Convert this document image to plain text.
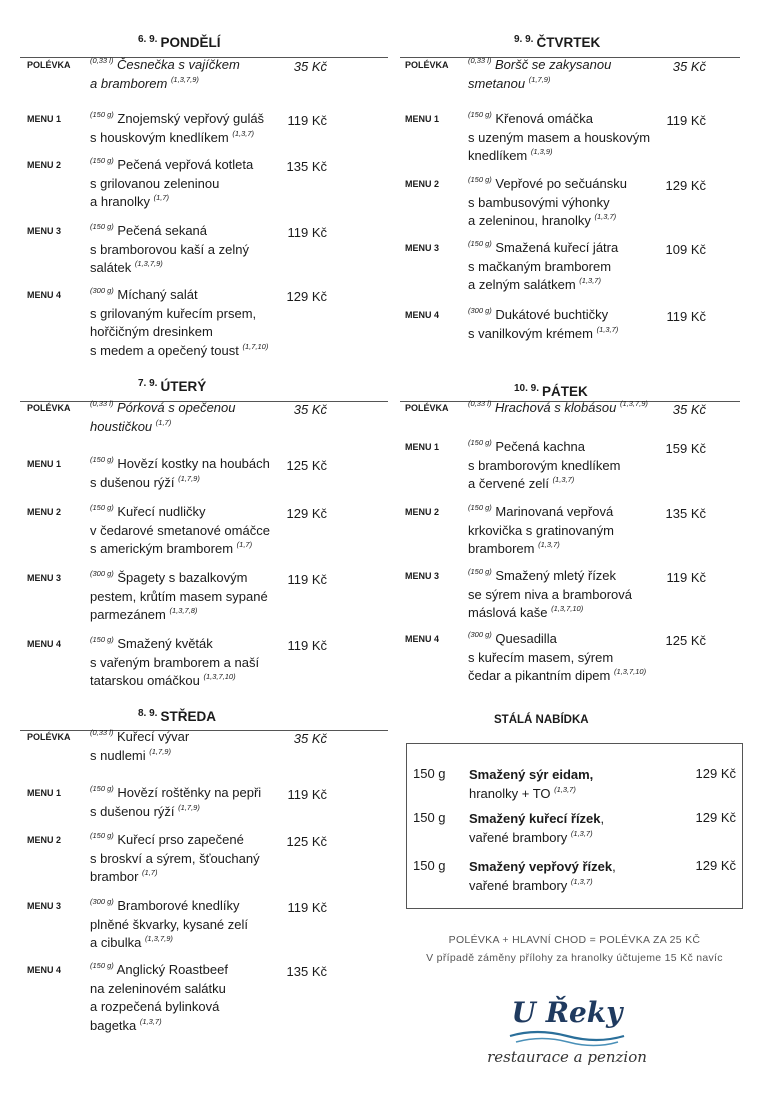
$^{6. 9.}$ PONDĚLÍ
POLÉVKA	$^{(0,33 l)}$ Česnečka s vajíčkem
a bramborem $^{(1,3,7,9)}$
35 Kč
MENU 1	$^{(150 g)}$ Znojemský vepřový guláš
s houskovým knedlíkem $^{(1,3,7)}$
119 Kč
MENU 2	$^{(150 g)}$ Pečená vepřová kotleta
s grilovanou zeleninou
a hranolky $^{(1,7)}$
135 Kč
MENU 3	$^{(150 g)}$ Pečená sekaná
s bramborovou kaší a zelný
salátek $^{(1,3,7,9)}$
119 Kč
MENU 4	$^{(300 g)}$ Míchaný salát
s grilovaným kuřecím prsem,
hořčičným dresinkem
s medem a opečený toust $^{(1,7,10)}$
129 Kč
$^{7. 9.}$ ÚTERÝ
POLÉVKA	$^{(0,33 l)}$ Pórková s opečenou
houstičkou $^{(1,7)}$
35 Kč
MENU 1	$^{(150 g)}$ Hovězí kostky na houbách
s dušenou rýží $^{(1,7,9)}$
125 Kč
MENU 2	$^{(150 g)}$ Kuřecí nudličky
v čedarové smetanové omáčce
s americkým bramborem $^{(1,7)}$
129 Kč
MENU 3	$^{(300 g)}$ Špagety s bazalkovým
pestem, krůtím masem sypané
parmezánem $^{(1,3,7,8)}$
119 Kč
MENU 4	$^{(150 g)}$ Smažený květák
s vařeným bramborem a naší
tatarskou omáčkou $^{(1,3,7,10)}$
119 Kč
$^{8. 9.}$ STŘEDA
POLÉVKA	$^{(0,33 l)}$ Kuřecí vývar
s nudlemi $^{(1,7,9)}$
35 Kč
MENU 1	$^{(150 g)}$ Hovězí roštěnky na pepři
s dušenou rýží $^{(1,7,9)}$
119 Kč
MENU 2	$^{(150 g)}$ Kuřecí prso zapečené
s broskví a sýrem, šťouchaný
brambor $^{(1,7)}$
125 Kč
MENU 3	$^{(300 g)}$ Bramborové knedlíky
plněné škvarky, kysané zelí
a cibulka $^{(1,3,7,9)}$
119 Kč
MENU 4	$^{(150 g)}$ Anglický Roastbeef
na zeleninovém salátku
a rozpečená bylinková
bagetka $^{(1,3,7)}$
135 Kč
$^{9. 9.}$ ČTVRTEK
POLÉVKA	$^{(0,33 l)}$ Boršč se zakysanou
smetanou $^{(1,7,9)}$
35 Kč
MENU 1	$^{(150 g)}$ Křenová omáčka
s uzeným masem a houskovým
knedlíkem $^{(1,3,9)}$
119 Kč
MENU 2	$^{(150 g)}$ Vepřové po sečuánsku
s bambusovými výhonky
a zeleninou, hranolky $^{(1,3,7)}$
129 Kč
MENU 3	$^{(150 g)}$ Smažená kuřecí játra
s mačkaným bramborem
a zelným salátkem $^{(1,3,7)}$
109 Kč
MENU 4	$^{(300 g)}$ Dukátové buchtičky
s vanilkovým krémem $^{(1,3,7)}$
119 Kč
$^{10. 9.}$ PÁTEK
POLÉVKA	$^{(0,33 l)}$ Hrachová s klobásou $^{(1,3,7,9)}$ 35 Kč
MENU 1	$^{(150 g)}$ Pečená kachna
s bramborovým knedlíkem
a červené zelí $^{(1,3,7)}$
159 Kč
MENU 2	$^{(150 g)}$ Marinovaná vepřová
krkovička s gratinovaným
bramborem $^{(1,3,7)}$
135 Kč
MENU 3	$^{(150 g)}$ Smažený mletý řízek
se sýrem niva a bramborová
máslová kaše $^{(1,3,7,10)}$
119 Kč
MENU 4	$^{(300 g)}$ Quesadilla
s kuřecím masem, sýrem
čedar a pikantním dipem $^{(1,3,7,10)}$
125 Kč
STÁLÁ NABÍDKA
150 g Smažený sýr eidam,
hranolky + TO $^{(1,3,7)}$
129 Kč
150 g Smažený kuřecí řízek,
vařené brambory $^{(1,3,7)}$
129 Kč
150 g Smažený vepřový řízek,
vařené brambory $^{(1,3,7)}$
129 Kč
POLÉVKA + HLAVNÍ CHOD = POLÉVKA ZA 25 KČ
V případě záměny přílohy za hranolky účtujeme 15 Kč navíc
U Řeky
restaurace a penzion
